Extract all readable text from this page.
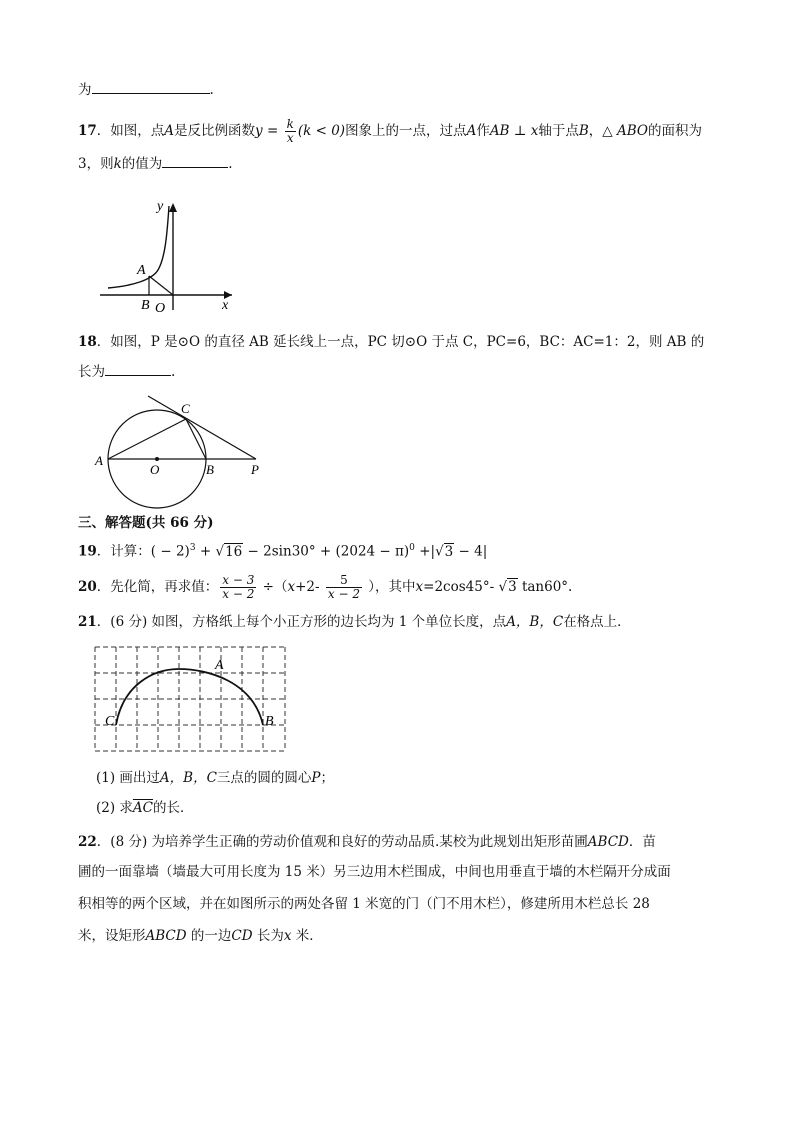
为	.
17．如图，点A是反比例函数$y = \frac{k}{x} (k < 0)$图象上的一点，过点A作AB ⊥ x轴于点B，△ ABO的面积为
3，则k的值为	.
y
x
A
B O
18．如图，P 是⊙O 的直径 AB 延长线上一点，PC 切⊙O 于点 C，PC=6，BC：AC=1：2，则 AB 的
长为	.
A
O	B	P
C
三、解答题(共 66 分)
19．计算：( − $2)^3 + √16 - 2\sin 30^\circ + (2024 - \pi)^0 +|√3 - 4|$
20．先化简，再求值： $\frac{x - 3}{x - 2} \div(x+2- \frac{5}{x - 2}$ ），其中x=2cos45°- √3 tan60°.
21．(6 分) 如图，方格纸上每个小正方形的边长均为 1 个单位长度，点A，B，C在格点上．
A
C	B
(1) 画出过A，B，C三点的圆的圆心P；
(2) 求$\overline{AC}$的长．
22．(8 分) 为培养学生正确的劳动价值观和良好的劳动品质.某校为此规划出矩形苗圃ABCD．苗
圃的一面靠墙（墙最大可用长度为 15 米）另三边用木栏围成，中间也用垂直于墙的木栏隔开分成面
积相等的两个区域，并在如图所示的两处各留 1 米宽的门（门不用木栏），修建所用木栏总长 28
米，设矩形ABCD 的一边CD 长为x 米．
